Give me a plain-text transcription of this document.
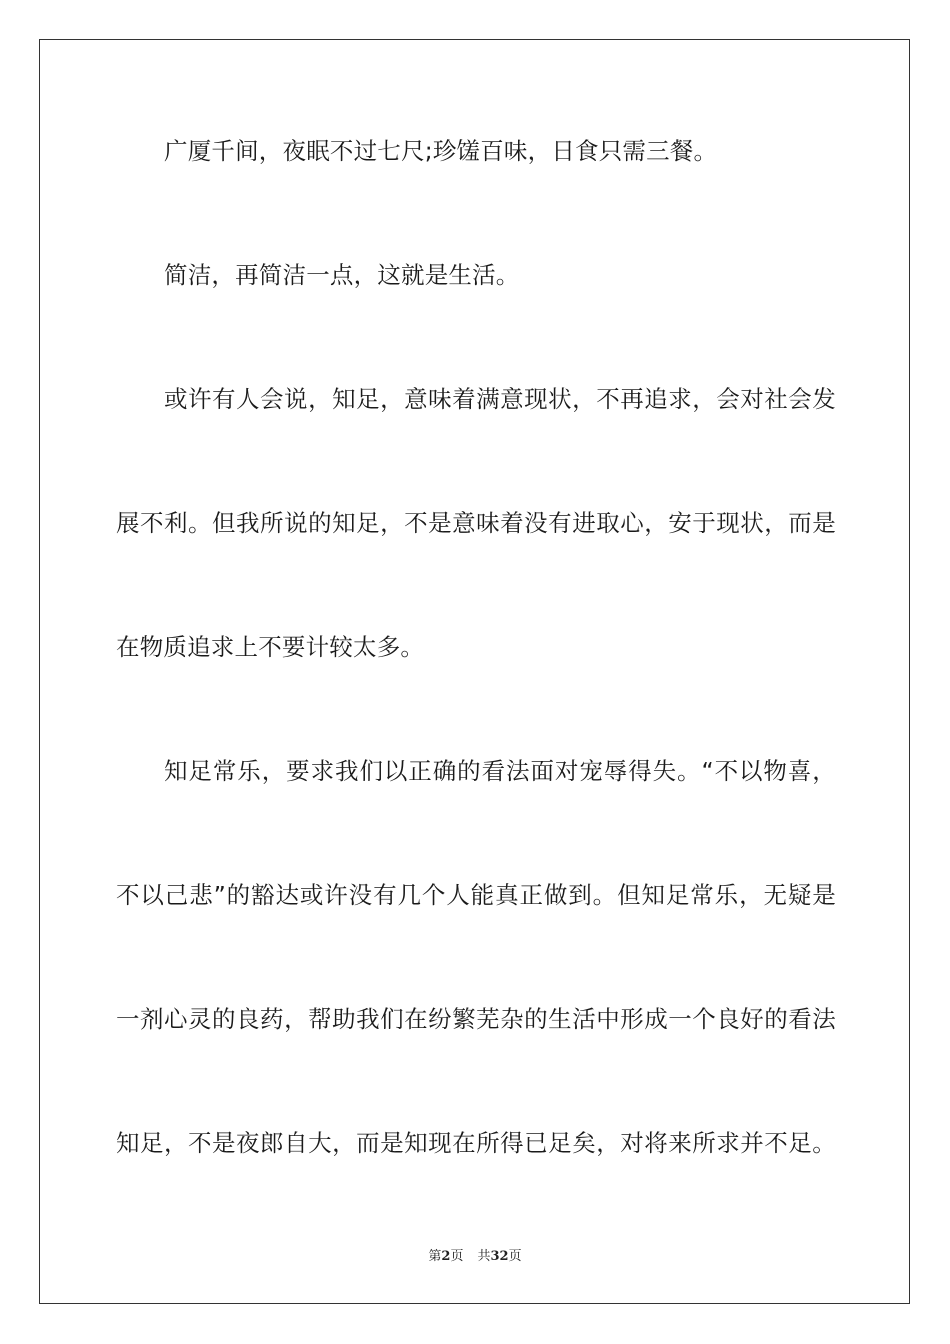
广厦千间，夜眠不过七尺;珍馐百味，日食只需三餐。
简洁，再简洁一点，这就是生活。
或许有人会说，知足，意味着满意现状，不再追求，会对社会发
展不利。但我所说的知足，不是意味着没有进取心，安于现状，而是
在物质追求上不要计较太多。
知足常乐，要求我们以正确的看法面对宠辱得失。“不以物喜，
不以己悲”的豁达或许没有几个人能真正做到。但知足常乐，无疑是
一剂心灵的良药，帮助我们在纷繁芜杂的生活中形成一个良好的看法
知足，不是夜郎自大，而是知现在所得已足矣，对将来所求并不足。
第2页 共32页
